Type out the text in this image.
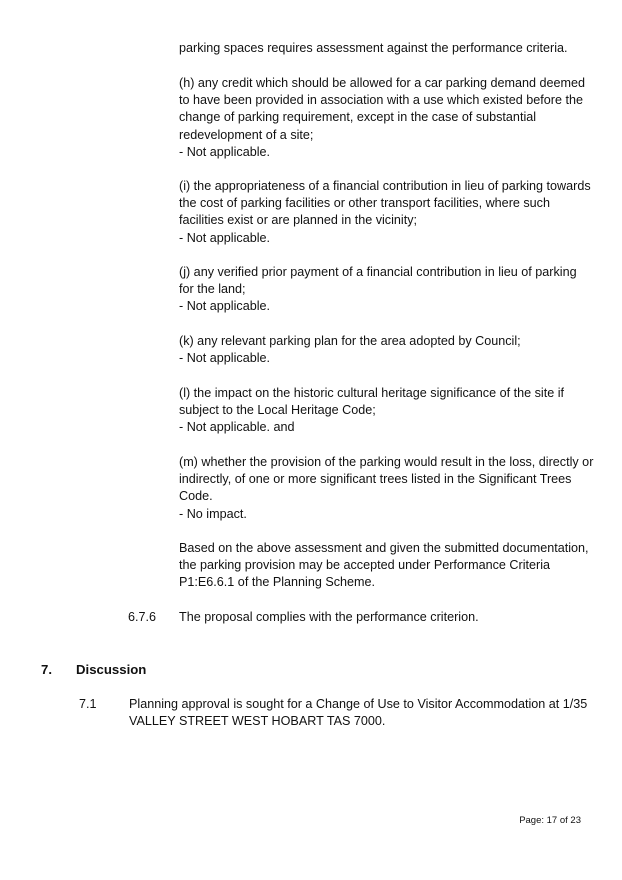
parking spaces requires assessment against the performance criteria.
(h) any credit which should be allowed for a car parking demand deemed
to have been provided in association with a use which existed before the
change of parking requirement, except in the case of substantial
redevelopment of a site;
- Not applicable.
(i) the appropriateness of a financial contribution in lieu of parking towards
the cost of parking facilities or other transport facilities, where such
facilities exist or are planned in the vicinity;
- Not applicable.
(j) any verified prior payment of a financial contribution in lieu of parking
for the land;
- Not applicable.
(k) any relevant parking plan for the area adopted by Council;
- Not applicable.
(l) the impact on the historic cultural heritage significance of the site if
subject to the Local Heritage Code;
- Not applicable. and
(m) whether the provision of the parking would result in the loss, directly or
indirectly, of one or more significant trees listed in the Significant Trees
Code.
- No impact.
Based on the above assessment and given the submitted documentation,
the parking provision may be accepted under Performance Criteria
P1:E6.6.1 of the Planning Scheme.
6.7.6 The proposal complies with the performance criterion.
7. Discussion
7.1	Planning approval is sought for a Change of Use to Visitor Accommodation at 1/35
VALLEY STREET WEST HOBART TAS 7000.
Page: 17 of 23
